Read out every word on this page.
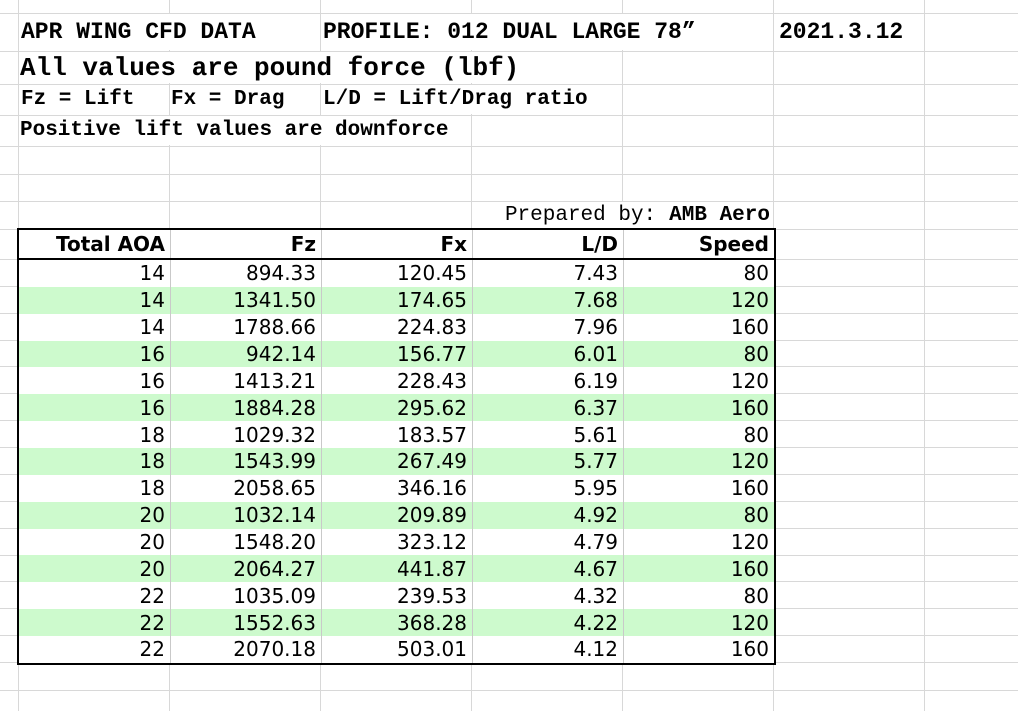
APR WING CFD DATA	PROFILE: 012 DUAL LARGE 78”	2021.3.12
All values are pound force (lbf)
Fz = Lift Fx = Drag L/D = Lift/Drag ratio
Positive lift values are downforce
Prepared by: AMB Aero
Total AOA	Fz	Fx	L/D	Speed
14	894.33	120.45	7.43	80
14	1341.50	174.65	7.68	120
14	1788.66	224.83	7.96	160
16	942.14	156.77	6.01	80
16	1413.21	228.43	6.19	120
16	1884.28	295.62	6.37	160
18	1029.32	183.57	5.61	80
18	1543.99	267.49	5.77	120
18	2058.65	346.16	5.95	160
20	1032.14	209.89	4.92	80
20	1548.20	323.12	4.79	120
20	2064.27	441.87	4.67	160
22	1035.09	239.53	4.32	80
22	1552.63	368.28	4.22	120
22	2070.18	503.01	4.12	160
